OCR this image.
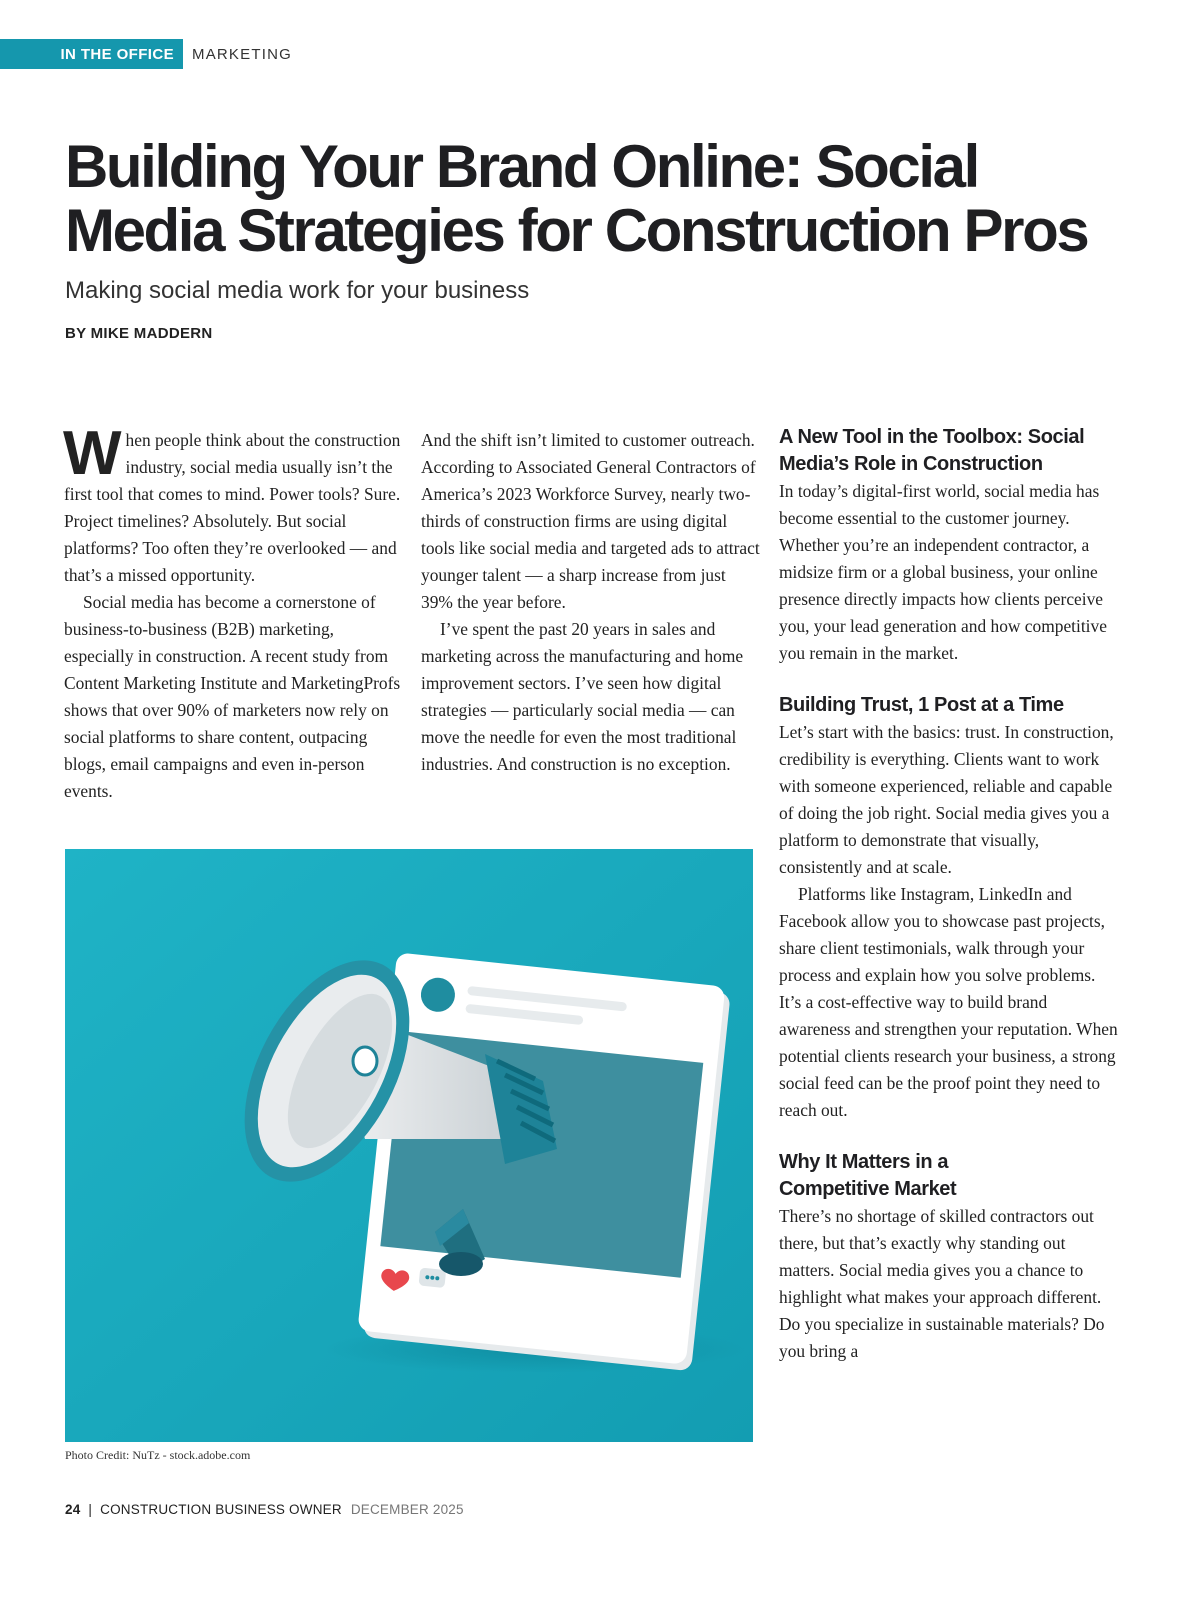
IN THE OFFICE	MARKETING
Building Your Brand Online: Social
Media Strategies for Construction Pros
Making social media work for your business
BY MIKE MADDERN

When people think about the construction industry, social media usually isn’t the first tool that comes to mind. Power tools? Sure. Project timelines? Absolutely. But social platforms? Too often they’re overlooked — and that’s a missed opportunity.

Social media has become a cornerstone of business-to-business (B2B) marketing, especially in construction. A recent study from Content Marketing Institute and MarketingProfs shows that over 90% of marketers now rely on social platforms to share content, outpacing blogs, email campaigns and even in-person events.

And the shift isn’t limited to customer outreach. According to Associated General Contractors of America’s 2023 Workforce Survey, nearly two-thirds of construction firms are using digital tools like social media and targeted ads to attract younger talent — a sharp increase from just 39% the year before.

I’ve spent the past 20 years in sales and marketing across the manufacturing and home improvement sectors. I’ve seen how digital strategies — particularly social media — can move the needle for even the most traditional industries. And construction is no exception.

A New Tool in the Toolbox: Social Media’s Role in Construction

In today’s digital-first world, social media has become essential to the customer journey. Whether you’re an independent contractor, a midsize firm or a global business, your online presence directly impacts how clients perceive you, your lead generation and how competitive you remain in the market.

Building Trust, 1 Post at a Time

Let’s start with the basics: trust. In construction, credibility is everything. Clients want to work with someone experienced, reliable and capable of doing the job right. Social media gives you a platform to demonstrate that visually, consistently and at scale.

Platforms like Instagram, LinkedIn and Facebook allow you to showcase past projects, share client testimonials, walk through your process and explain how you solve problems. It’s a cost-effective way to build brand awareness and strengthen your reputation. When potential clients research your business, a strong social feed can be the proof point they need to reach out.

Why It Matters in a
Competitive Market

There’s no shortage of skilled contractors out there, but that’s exactly why standing out matters. Social media gives you a chance to highlight what makes your approach different. Do you specialize in sustainable materials? Do you bring a

Photo Credit: NuTz - stock.adobe.com
24 | CONSTRUCTION BUSINESS OWNER DECEMBER 2025
